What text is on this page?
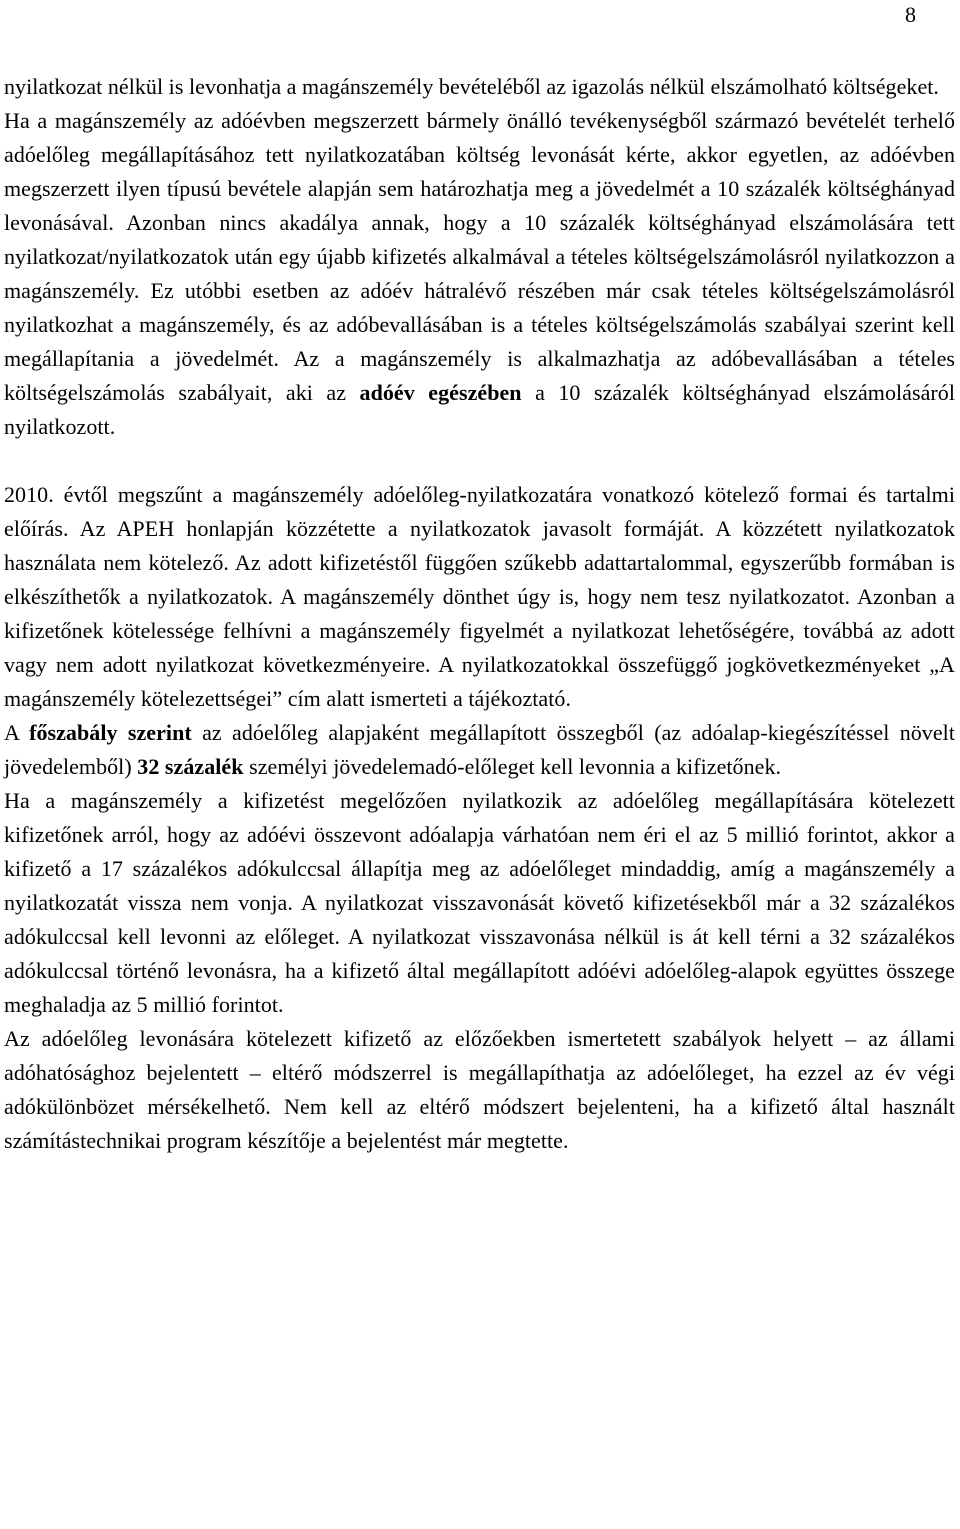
8

nyilatkozat nélkül is levonhatja a magánszemély bevételéből az igazolás nélkül elszámolható költségeket.
Ha a magánszemély az adóévben megszerzett bármely önálló tevékenységből származó bevételét terhelő adóelőleg megállapításához tett nyilatkozatában költség levonását kérte, akkor egyetlen, az adóévben megszerzett ilyen típusú bevétele alapján sem határozhatja meg a jövedelmét a 10 százalék költséghányad levonásával. Azonban nincs akadálya annak, hogy a 10 százalék költséghányad elszámolására tett nyilatkozat/nyilatkozatok után egy újabb kifizetés alkalmával a tételes költségelszámolásról nyilatkozzon a magánszemély. Ez utóbbi esetben az adóév hátralévő részében már csak tételes költségelszámolásról nyilatkozhat a magánszemély, és az adóbevallásában is a tételes költségelszámolás szabályai szerint kell megállapítania a jövedelmét. Az a magánszemély is alkalmazhatja az adóbevallásában a tételes költségelszámolás szabályait, aki az adóév egészében a 10 százalék költséghányad elszámolásáról nyilatkozott.

2010. évtől megszűnt a magánszemély adóelőleg-nyilatkozatára vonatkozó kötelező formai és tartalmi előírás. Az APEH honlapján közzétette a nyilatkozatok javasolt formáját. A közzétett nyilatkozatok használata nem kötelező. Az adott kifizetéstől függően szűkebb adattartalommal, egyszerűbb formában is elkészíthetők a nyilatkozatok. A magánszemély dönthet úgy is, hogy nem tesz nyilatkozatot. Azonban a kifizetőnek kötelessége felhívni a magánszemély figyelmét a nyilatkozat lehetőségére, továbbá az adott vagy nem adott nyilatkozat következményeire. A nyilatkozatokkal összefüggő jogkövetkezményeket „A magánszemély kötelezettségei” cím alatt ismerteti a tájékoztató.

A főszabály szerint az adóelőleg alapjaként megállapított összegből (az adóalap-kiegészítéssel növelt jövedelemből) 32 százalék személyi jövedelemadó-előleget kell levonnia a kifizetőnek.

Ha a magánszemély a kifizetést megelőzően nyilatkozik az adóelőleg megállapítására kötelezett kifizetőnek arról, hogy az adóévi összevont adóalapja várhatóan nem éri el az 5 millió forintot, akkor a kifizető a 17 százalékos adókulccsal állapítja meg az adóelőleget mindaddig, amíg a magánszemély a nyilatkozatát vissza nem vonja. A nyilatkozat visszavonását követő kifizetésekből már a 32 százalékos adókulccsal kell levonni az előleget. A nyilatkozat visszavonása nélkül is át kell térni a 32 százalékos adókulccsal történő levonásra, ha a kifizető által megállapított adóévi adóelőleg-alapok együttes összege meghaladja az 5 millió forintot.

Az adóelőleg levonására kötelezett kifizető az előzőekben ismertetett szabályok helyett – az állami adóhatósághoz bejelentett – eltérő módszerrel is megállapíthatja az adóelőleget, ha ezzel az év végi adókülönbözet mérsékelhető. Nem kell az eltérő módszert bejelenteni, ha a kifizető által használt számítástechnikai program készítője a bejelentést már megtette.
